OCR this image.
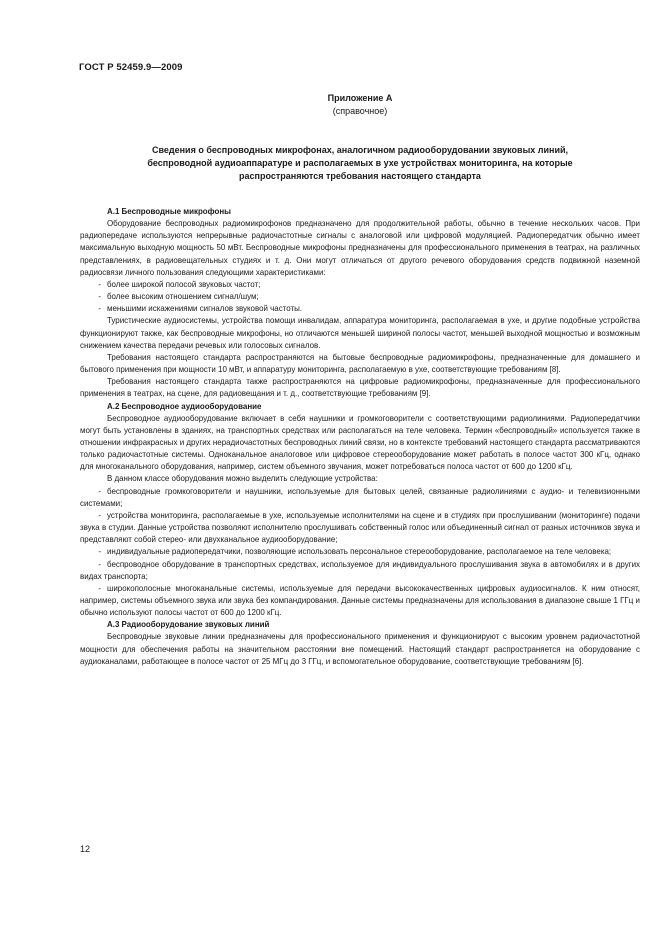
ГОСТ Р 52459.9—2009
Приложение А
(справочное)
Сведения о беспроводных микрофонах, аналогичном радиооборудовании звуковых линий,
беспроводной аудиоаппаратуре и располагаемых в ухе устройствах мониторинга, на которые
распространяются требования настоящего стандарта

А.1 Беспроводные микрофоны

Оборудование беспроводных радиомикрофонов предназначено для продолжительной работы, обычно в течение нескольких часов. При радиопередаче используются непрерывные радиочастотные сигналы с аналоговой или цифровой модуляцией. Радиопередатчик обычно имеет максимальную выходную мощность 50 мВт. Беспроводные микрофоны предназначены для профессионального применения в театрах, на различных представлениях, в радиовещательных студиях и т. д. Они могут отличаться от другого речевого оборудования средств подвижной наземной радиосвязи личного пользования следующими характеристиками:

- более широкой полосой звуковых частот;

- более высоким отношением сигнал/шум;

- меньшими искажениями сигналов звуковой частоты.

Туристические аудиосистемы, устройства помощи инвалидам, аппаратура мониторинга, располагаемая в ухе, и другие подобные устройства функционируют также, как беспроводные микрофоны, но отличаются меньшей шириной полосы частот, меньшей выходной мощностью и возможным снижением качества передачи речевых или голосовых сигналов.

Требования настоящего стандарта распространяются на бытовые беспроводные радиомикрофоны, предназначенные для домашнего и бытового применения при мощности 10 мВт, и аппаратуру мониторинга, располагаемую в ухе, соответствующие требованиям [8].

Требования настоящего стандарта также распространяются на цифровые радиомикрофоны, предназначенные для профессионального применения в театрах, на сцене, для радиовещания и т. д., соответствующие требованиям [9].

А.2 Беспроводное аудиооборудование

Беспроводное аудиооборудование включает в себя наушники и громкоговорители с соответствующими радиолиниями. Радиопередатчики могут быть установлены в зданиях, на транспортных средствах или располагаться на теле человека. Термин «беспроводный» используется также в отношении инфракрасных и других нерадиочастотных беспроводных линий связи, но в контексте требований настоящего стандарта рассматриваются только радиочастотные системы. Одноканальное аналоговое или цифровое стереооборудование может работать в полосе частот 300 кГц, однако для многоканального оборудования, например, систем объемного звучания, может потребоваться полоса частот от 600 до 1200 кГц.

В данном классе оборудования можно выделить следующие устройства:

- беспроводные громкоговорители и наушники, используемые для бытовых целей, связанные радиолиниями с аудио- и телевизионными системами;

- устройства мониторинга, располагаемые в ухе, используемые исполнителями на сцене и в студиях при прослушивании (мониторинге) подачи звука в студии. Данные устройства позволяют исполнителю прослушивать собственный голос или объединенный сигнал от разных источников звука и представляют собой стерео- или двухканальное аудиооборудование;

- индивидуальные радиопередатчики, позволяющие использовать персональное стереооборудование, располагаемое на теле человека;

- беспроводное оборудование в транспортных средствах, используемое для индивидуального прослушивания звука в автомобилях и в других видах транспорта;

- широкополосные многоканальные системы, используемые для передачи высококачественных цифровых аудиосигналов. К ним относят, например, системы объемного звука или звука без компандирования. Данные системы предназначены для использования в диапазоне свыше 1 ГГц и обычно используют полосы частот от 600 до 1200 кГц.

А.3 Радиооборудование звуковых линий

Беспроводные звуковые линии предназначены для профессионального применения и функционируют с высоким уровнем радиочастотной мощности для обеспечения работы на значительном расстоянии вне помещений. Настоящий стандарт распространяется на оборудование с аудиоканалами, работающее в полосе частот от 25 МГц до 3 ГГц, и вспомогательное оборудование, соответствующие требованиям [6].

12
